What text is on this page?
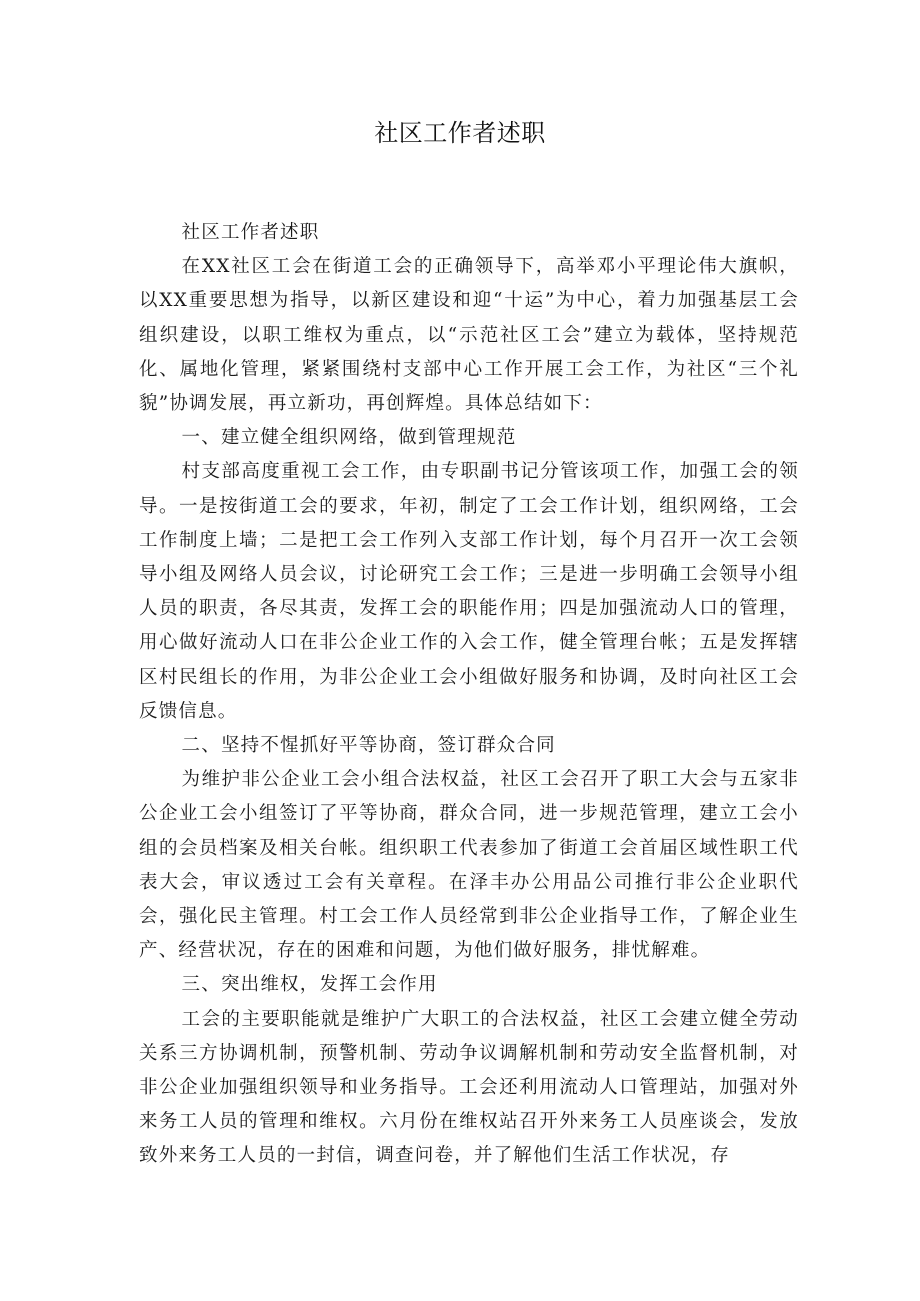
社区工作者述职

社区工作者述职

在XX社区工会在街道工会的正确领导下，高举邓小平理论伟大旗帜，以XX重要思想为指导，以新区建设和迎“十运”为中心，着力加强基层工会组织建设，以职工维权为重点，以“示范社区工会”建立为载体，坚持规范化、属地化管理，紧紧围绕村支部中心工作开展工会工作，为社区“三个礼貌”协调发展，再立新功，再创辉煌。具体总结如下：

一、建立健全组织网络，做到管理规范

村支部高度重视工会工作，由专职副书记分管该项工作，加强工会的领导。一是按街道工会的要求，年初，制定了工会工作计划，组织网络，工会工作制度上墙；二是把工会工作列入支部工作计划，每个月召开一次工会领导小组及网络人员会议，讨论研究工会工作；三是进一步明确工会领导小组人员的职责，各尽其责，发挥工会的职能作用；四是加强流动人口的管理，用心做好流动人口在非公企业工作的入会工作，健全管理台帐；五是发挥辖区村民组长的作用，为非公企业工会小组做好服务和协调，及时向社区工会反馈信息。

二、坚持不惺抓好平等协商，签订群众合同

为维护非公企业工会小组合法权益，社区工会召开了职工大会与五家非公企业工会小组签订了平等协商，群众合同，进一步规范管理，建立工会小组的会员档案及相关台帐。组织职工代表参加了街道工会首届区域性职工代表大会，审议透过工会有关章程。在泽丰办公用品公司推行非公企业职代会，强化民主管理。村工会工作人员经常到非公企业指导工作，了解企业生产、经营状况，存在的困难和问题，为他们做好服务，排忧解难。

三、突出维权，发挥工会作用

工会的主要职能就是维护广大职工的合法权益，社区工会建立健全劳动关系三方协调机制，预警机制、劳动争议调解机制和劳动安全监督机制，对非公企业加强组织领导和业务指导。工会还利用流动人口管理站，加强对外来务工人员的管理和维权。六月份在维权站召开外来务工人员座谈会，发放致外来务工人员的一封信，调查问卷，并了解他们生活工作状况，存
